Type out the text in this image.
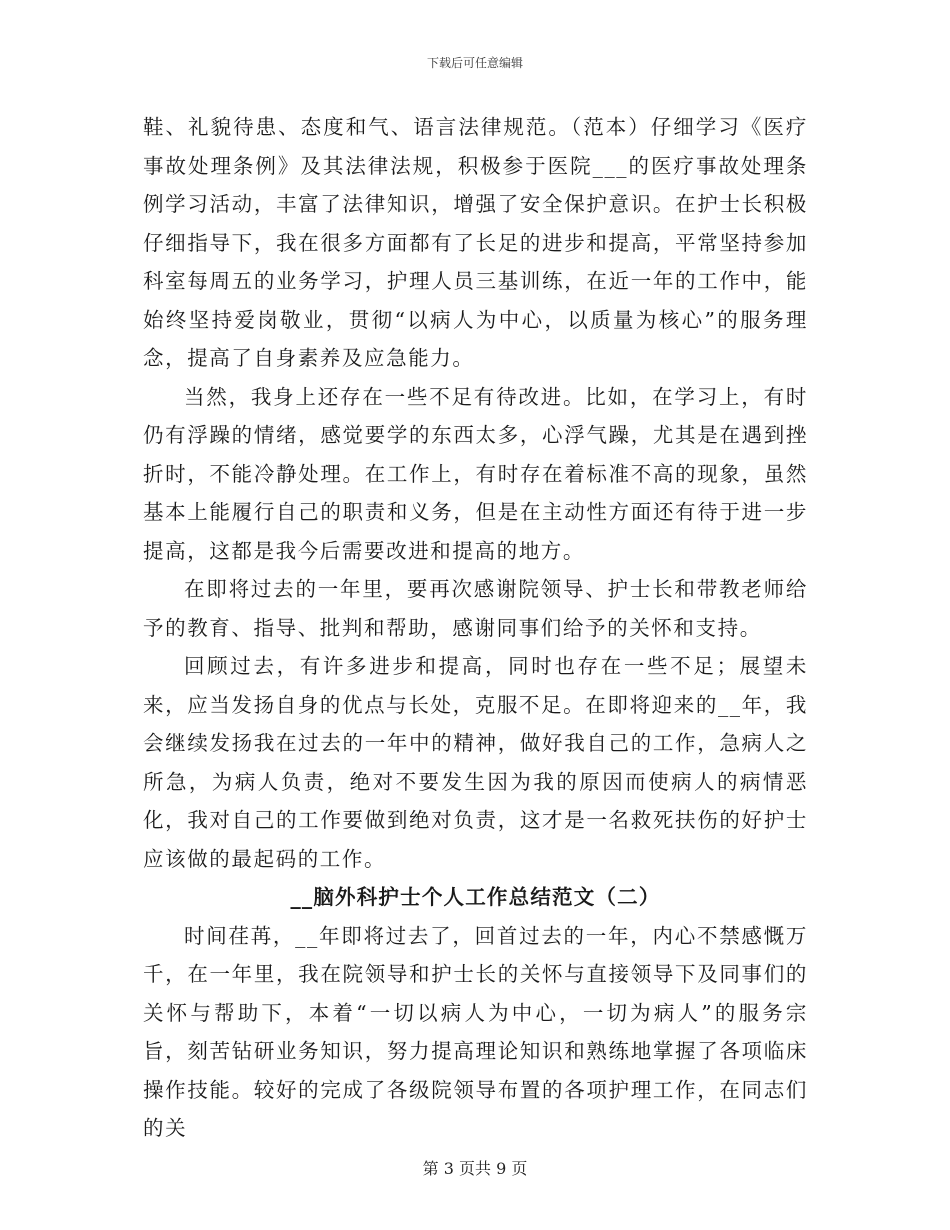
下载后可任意编辑

鞋、礼貌待患、态度和气、语言法律规范。（范本）仔细学习《医疗事故处理条例》及其法律法规，积极参于医院___的医疗事故处理条例学习活动，丰富了法律知识，增强了安全保护意识。在护士长积极仔细指导下，我在很多方面都有了长足的进步和提高，平常坚持参加科室每周五的业务学习，护理人员三基训练，在近一年的工作中，能始终坚持爱岗敬业，贯彻“以病人为中心，以质量为核心”的服务理念，提高了自身素养及应急能力。

当然，我身上还存在一些不足有待改进。比如，在学习上，有时仍有浮躁的情绪，感觉要学的东西太多，心浮气躁，尤其是在遇到挫折时，不能冷静处理。在工作上，有时存在着标准不高的现象，虽然基本上能履行自己的职责和义务，但是在主动性方面还有待于进一步提高，这都是我今后需要改进和提高的地方。

在即将过去的一年里，要再次感谢院领导、护士长和带教老师给予的教育、指导、批判和帮助，感谢同事们给予的关怀和支持。

回顾过去，有许多进步和提高，同时也存在一些不足；展望未来，应当发扬自身的优点与长处，克服不足。在即将迎来的__年，我会继续发扬我在过去的一年中的精神，做好我自己的工作，急病人之所急，为病人负责，绝对不要发生因为我的原因而使病人的病情恶化，我对自己的工作要做到绝对负责，这才是一名救死扶伤的好护士应该做的最起码的工作。

__脑外科护士个人工作总结范文（二）

时间荏苒，__年即将过去了，回首过去的一年，内心不禁感慨万千，在一年里，我在院领导和护士长的关怀与直接领导下及同事们的关怀与帮助下，本着“一切以病人为中心，一切为病人”的服务宗旨，刻苦钻研业务知识，努力提高理论知识和熟练地掌握了各项临床操作技能。较好的完成了各级院领导布置的各项护理工作，在同志们的关

第 3 页共 9 页
